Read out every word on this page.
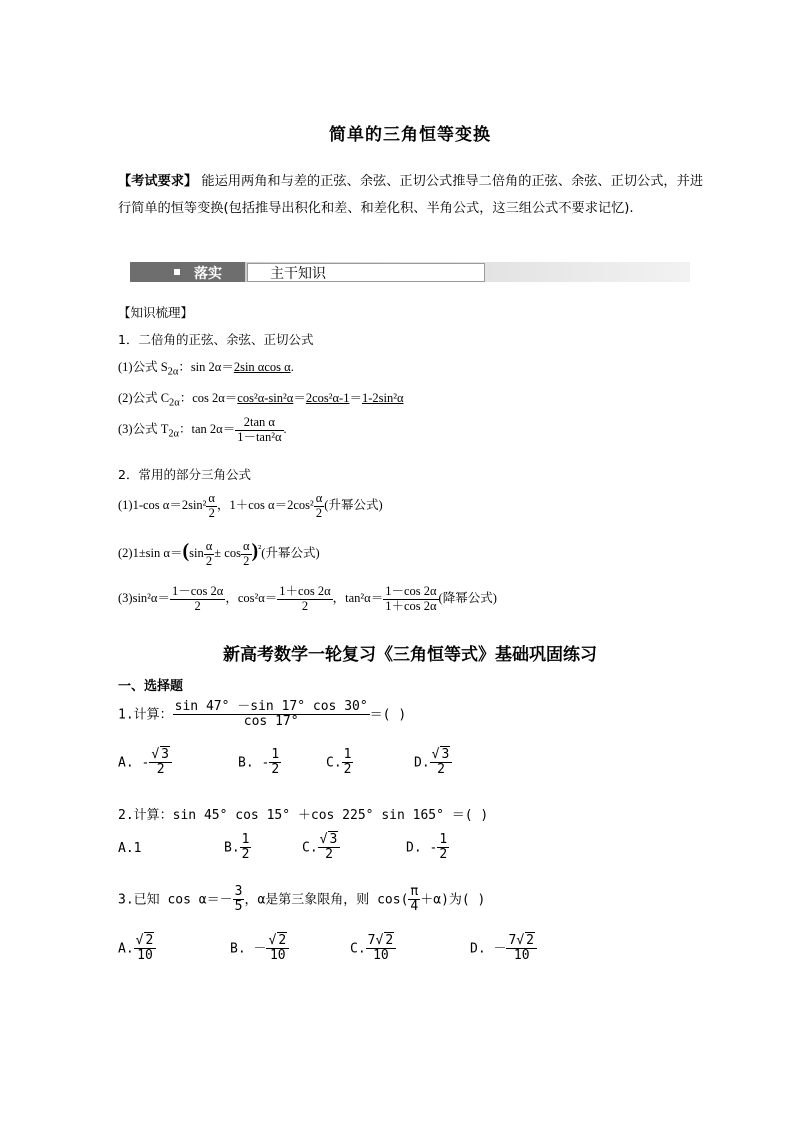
简单的三角恒等变换
【考试要求】 能运用两角和与差的正弦、余弦、正切公式推导二倍角的正弦、余弦、正切公式，并进行简单的恒等变换(包括推导出积化和差、和差化积、半角公式，这三组公式不要求记忆).
落实	主干知识
【知识梳理】
1．二倍角的正弦、余弦、正切公式
(1)公式 $S_{2\alpha}$：sin 2α＝2sin αcos α.
(2)公式 $C_{2\alpha}$：cos 2α＝cos²α-sin²α＝2cos²α-1＝1-2sin²α
(3)公式 $T_{2\alpha}$：$\tan 2\alpha= \frac{\text{2tan α}}{\text{1－tan²α}}$ .
2．常用的部分三角公式
(1)1-cos $\alpha=2\sin^2 \frac{\alpha}{2}$ ，1＋cos $\alpha=2\cos^2 \frac{\alpha}{2}$ (升幂公式)
(2)1±sin $\alpha=(\sin \frac{\alpha}{2} \pm \cos \frac{\alpha}{2} )^{^2}$(升幂公式)
$(3)\sin^2\alpha= \frac{1-\cos 2\alpha}{2}$ ，$\cos^2\alpha= \frac{1+\cos 2\alpha}{2}$ ，$\tan^2\alpha= \frac{1-\cos 2\alpha}{1+\cos 2\alpha}$ (降幂公式)
新高考数学一轮复习《三角恒等式》基础巩固练习
一、选择题
1.计算： $\frac{\sin 47^\circ -\sin 17^\circ \cos 30^\circ}{\cos 17^\circ}$ ＝( )
A. - $\frac{√ 3}{2}$	B. - $\frac{1}{2}$	C. $\frac{1}{2}$	D. $\frac{√ 3}{2}$
2.计算：sin 45° cos 15° ＋cos 225° sin 165° ＝( )
A.1	B. $\frac{1}{2}$	C. $\frac{√ 3}{2}$	D. - $\frac{1}{2}$
3.已知 $\cos \alpha=- \frac{3}{5}$ ，α是第三象限角，则 $\cos( \frac{\pi}{4} +\alpha)$为( )
A. $\frac{√ 2}{10}$	B. － $\frac{√ 2}{10}$	C. $\frac{7√ 2}{10}$	D. － $\frac{7√ 2}{10}$
